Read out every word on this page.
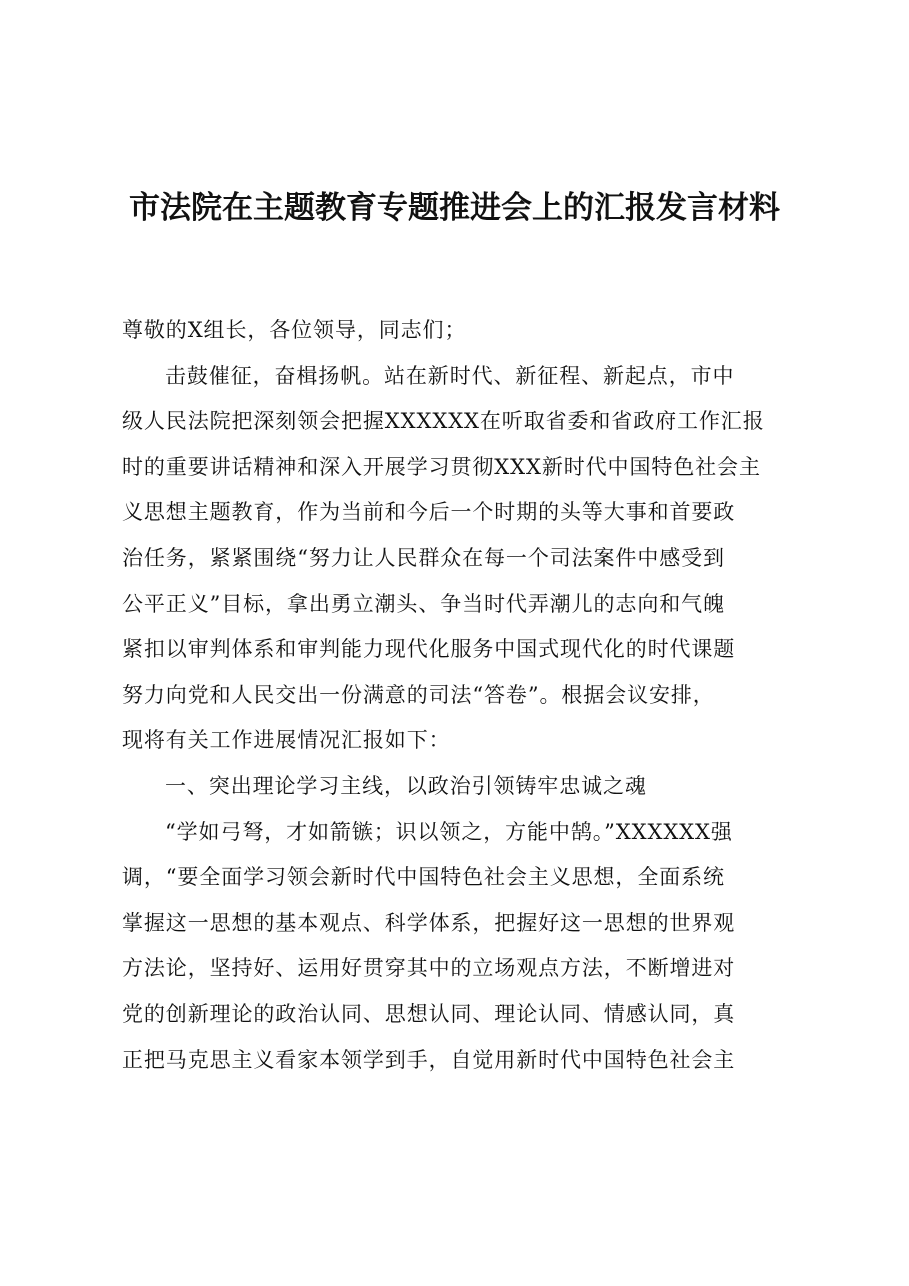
市法院在主题教育专题推进会上的汇报发言材料
尊敬的X组长，各位领导，同志们；
击鼓催征，奋楫扬帆。站在新时代、新征程、新起点，市中
级人民法院把深刻领会把握XXXXXX在听取省委和省政府工作汇报
时的重要讲话精神和深入开展学习贯彻XXX新时代中国特色社会主
义思想主题教育，作为当前和今后一个时期的头等大事和首要政
治任务，紧紧围绕“努力让人民群众在每一个司法案件中感受到
公平正义”目标，拿出勇立潮头、争当时代弄潮儿的志向和气魄
紧扣以审判体系和审判能力现代化服务中国式现代化的时代课题
努力向党和人民交出一份满意的司法“答卷”。根据会议安排，
现将有关工作进展情况汇报如下：
一、突出理论学习主线，以政治引领铸牢忠诚之魂
“学如弓弩，才如箭镞；识以领之，方能中鹄。”XXXXXX强
调，“要全面学习领会新时代中国特色社会主义思想，全面系统
掌握这一思想的基本观点、科学体系，把握好这一思想的世界观
方法论，坚持好、运用好贯穿其中的立场观点方法，不断增进对
党的创新理论的政治认同、思想认同、理论认同、情感认同，真
正把马克思主义看家本领学到手，自觉用新时代中国特色社会主
